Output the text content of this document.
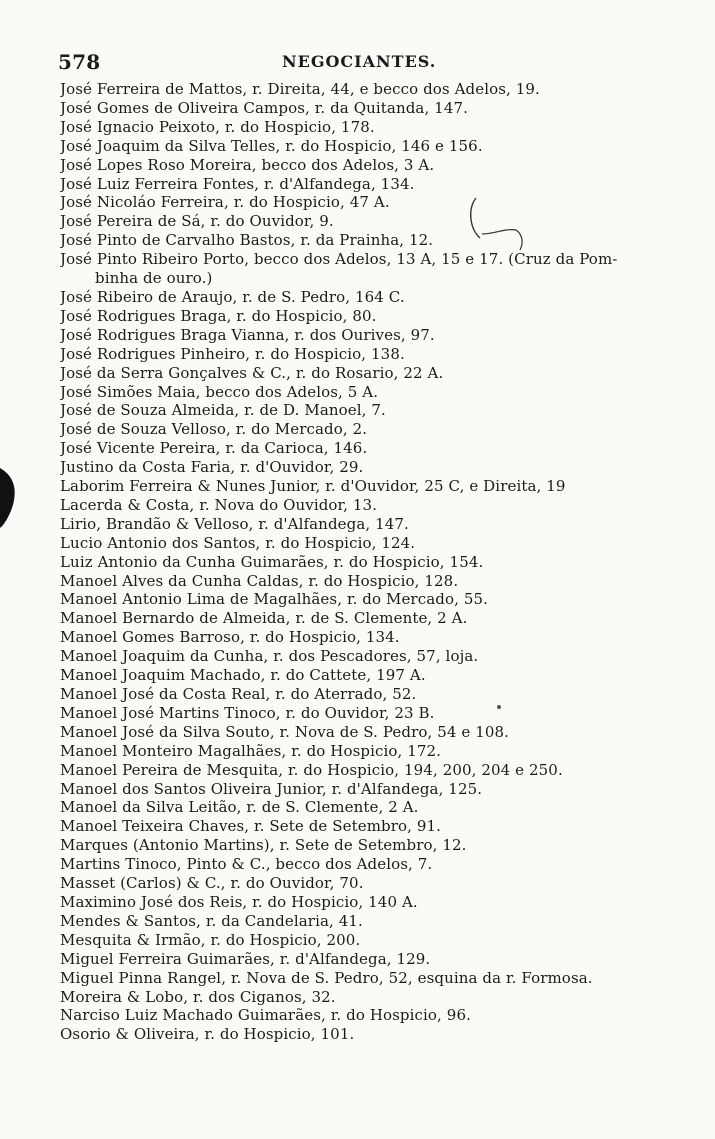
578	NEGOCIANTES.
José Ferreira de Mattos, r. Direita, 44, e becco dos Adelos, 19.
José Gomes de Oliveira Campos, r. da Quitanda, 147.
José Ignacio Peixoto, r. do Hospicio, 178.
José Joaquim da Silva Telles, r. do Hospicio, 146 e 156.
José Lopes Roso Moreira, becco dos Adelos, 3 A.
José Luiz Ferreira Fontes, r. d'Alfandega, 134.
José Nicoláo Ferreira, r. do Hospicio, 47 A.
José Pereira de Sá, r. do Ouvidor, 9.
José Pinto de Carvalho Bastos, r. da Prainha, 12.
José Pinto Ribeiro Porto, becco dos Adelos, 13 A, 15 e 17. (Cruz da Pom-
binha de ouro.)
José Ribeiro de Araujo, r. de S. Pedro, 164 C.
José Rodrigues Braga, r. do Hospicio, 80.
José Rodrigues Braga Vianna, r. dos Ourives, 97.
José Rodrigues Pinheiro, r. do Hospicio, 138.
José da Serra Gonçalves & C., r. do Rosario, 22 A.
José Simões Maia, becco dos Adelos, 5 A.
José de Souza Almeida, r. de D. Manoel, 7.
José de Souza Velloso, r. do Mercado, 2.
José Vicente Pereira, r. da Carioca, 146.
Justino da Costa Faria, r. d'Ouvidor, 29.
Laborim Ferreira & Nunes Junior, r. d'Ouvidor, 25 C, e Direita, 19
Lacerda & Costa, r. Nova do Ouvidor, 13.
Lirio, Brandão & Velloso, r. d'Alfandega, 147.
Lucio Antonio dos Santos, r. do Hospicio, 124.
Luiz Antonio da Cunha Guimarães, r. do Hospicio, 154.
Manoel Alves da Cunha Caldas, r. do Hospicio, 128.
Manoel Antonio Lima de Magalhães, r. do Mercado, 55.
Manoel Bernardo de Almeida, r. de S. Clemente, 2 A.
Manoel Gomes Barroso, r. do Hospicio, 134.
Manoel Joaquim da Cunha, r. dos Pescadores, 57, loja.
Manoel Joaquim Machado, r. do Cattete, 197 A.
Manoel José da Costa Real, r. do Aterrado, 52.
Manoel José Martins Tinoco, r. do Ouvidor, 23 B.
Manoel José da Silva Souto, r. Nova de S. Pedro, 54 e 108.
Manoel Monteiro Magalhães, r. do Hospicio, 172.
Manoel Pereira de Mesquita, r. do Hospicio, 194, 200, 204 e 250.
Manoel dos Santos Oliveira Junior, r. d'Alfandega, 125.
Manoel da Silva Leitão, r. de S. Clemente, 2 A.
Manoel Teixeira Chaves, r. Sete de Setembro, 91.
Marques (Antonio Martins), r. Sete de Setembro, 12.
Martins Tinoco, Pinto & C., becco dos Adelos, 7.
Masset (Carlos) & C., r. do Ouvidor, 70.
Maximino José dos Reis, r. do Hospicio, 140 A.
Mendes & Santos, r. da Candelaria, 41.
Mesquita & Irmão, r. do Hospicio, 200.
Miguel Ferreira Guimarães, r. d'Alfandega, 129.
Miguel Pinna Rangel, r. Nova de S. Pedro, 52, esquina da r. Formosa.
Moreira & Lobo, r. dos Ciganos, 32.
Narciso Luiz Machado Guimarães, r. do Hospicio, 96.
Osorio & Oliveira, r. do Hospicio, 101.
